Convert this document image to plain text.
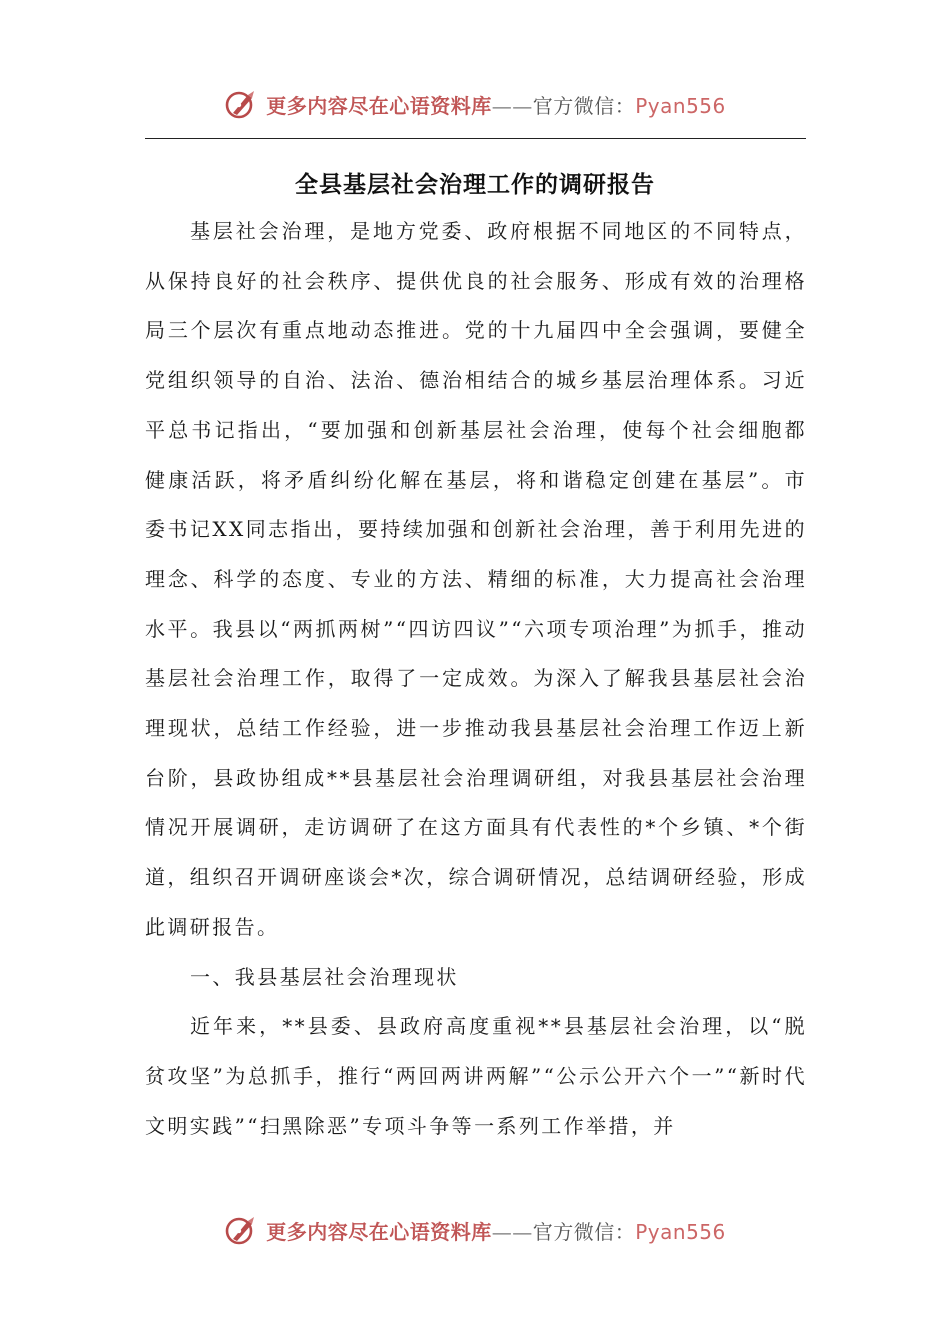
更多内容尽在心语资料库——官方微信：Pyan556
全县基层社会治理工作的调研报告

基层社会治理，是地方党委、政府根据不同地区的不同特点，从保持良好的社会秩序、提供优良的社会服务、形成有效的治理格局三个层次有重点地动态推进。党的十九届四中全会强调，要健全党组织领导的自治、法治、德治相结合的城乡基层治理体系。习近平总书记指出，“要加强和创新基层社会治理，使每个社会细胞都健康活跃，将矛盾纠纷化解在基层，将和谐稳定创建在基层”。市委书记XX同志指出，要持续加强和创新社会治理，善于利用先进的理念、科学的态度、专业的方法、精细的标准，大力提高社会治理水平。我县以“两抓两树”“四访四议”“六项专项治理”为抓手，推动基层社会治理工作，取得了一定成效。为深入了解我县基层社会治理现状，总结工作经验，进一步推动我县基层社会治理工作迈上新台阶，县政协组成**县基层社会治理调研组，对我县基层社会治理情况开展调研，走访调研了在这方面具有代表性的*个乡镇、*个街道，组织召开调研座谈会*次，综合调研情况，总结调研经验，形成此调研报告。

一、我县基层社会治理现状

近年来，**县委、县政府高度重视**县基层社会治理，以“脱贫攻坚”为总抓手，推行“两回两讲两解”“公示公开六个一”“新时代文明实践”“扫黑除恶”专项斗争等一系列工作举措，并

更多内容尽在心语资料库——官方微信：Pyan556
